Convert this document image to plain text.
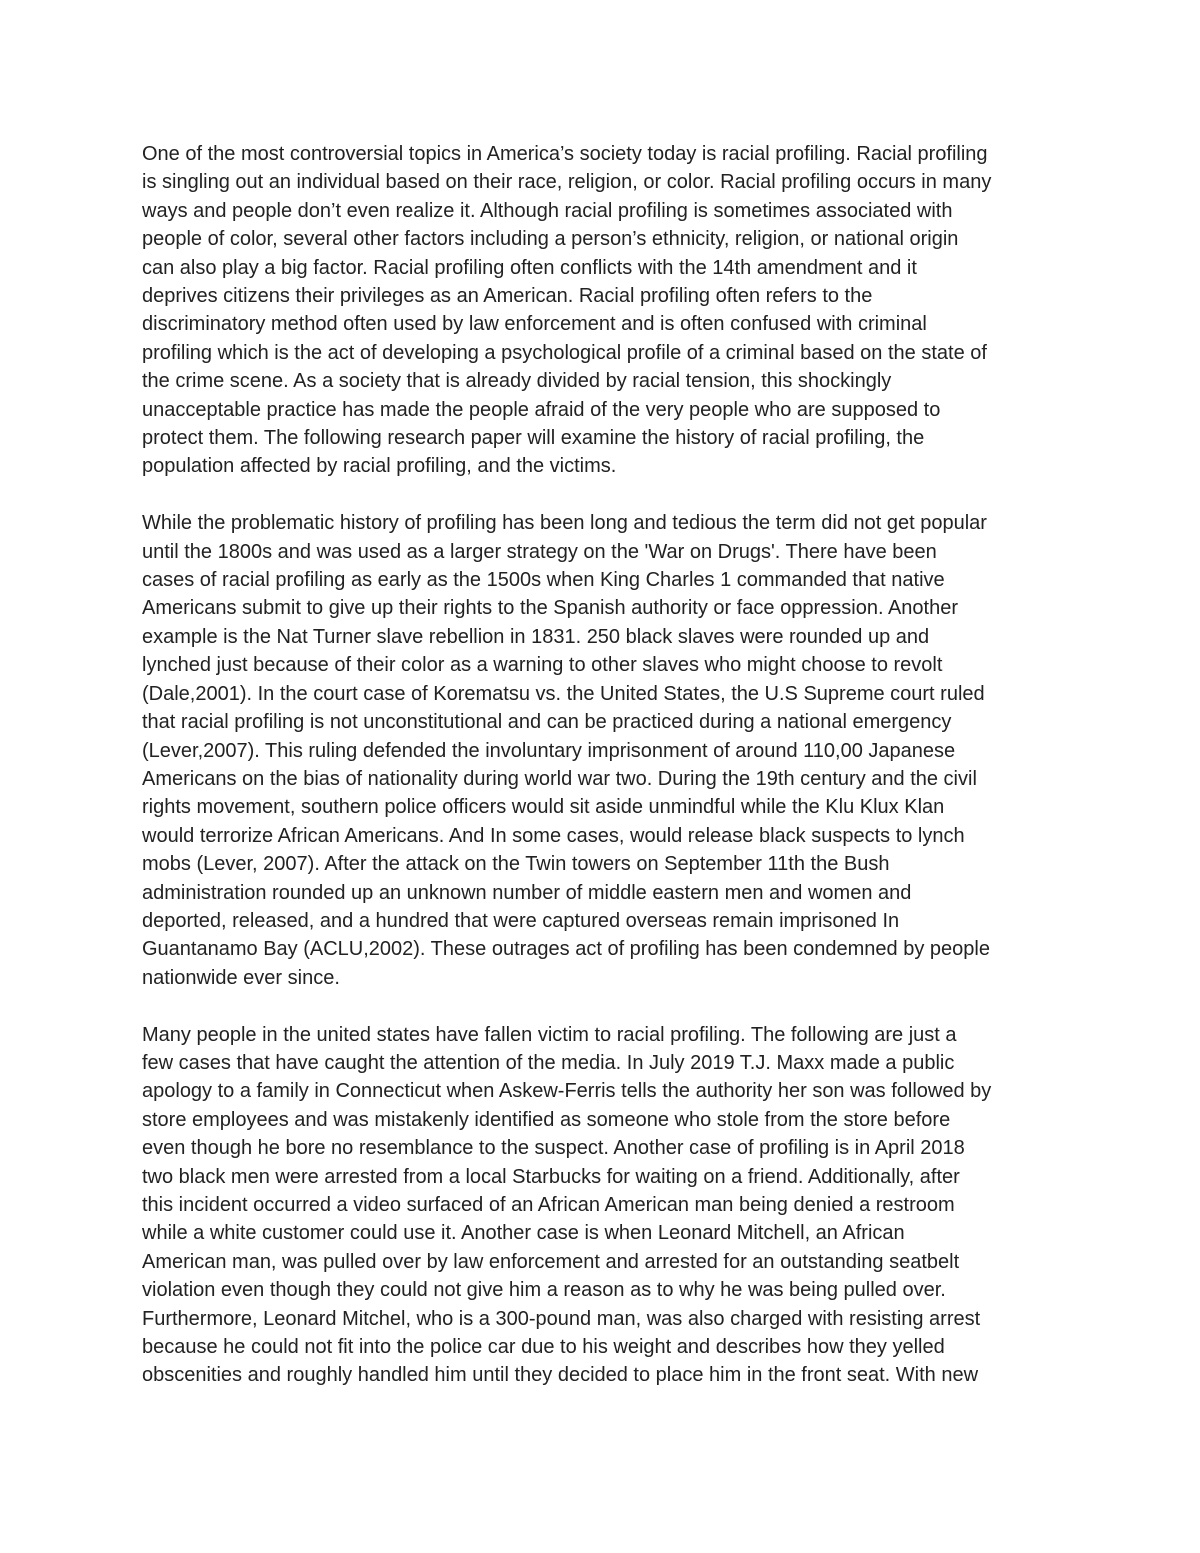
One of the most controversial topics in America’s society today is racial profiling. Racial profiling
is singling out an individual based on their race, religion, or color. Racial profiling occurs in many
ways and people don’t even realize it. Although racial profiling is sometimes associated with
people of color, several other factors including a person’s ethnicity, religion, or national origin
can also play a big factor. Racial profiling often conflicts with the 14th amendment and it
deprives citizens their privileges as an American. Racial profiling often refers to the
discriminatory method often used by law enforcement and is often confused with criminal
profiling which is the act of developing a psychological profile of a criminal based on the state of
the crime scene. As a society that is already divided by racial tension, this shockingly
unacceptable practice has made the people afraid of the very people who are supposed to
protect them. The following research paper will examine the history of racial profiling, the
population affected by racial profiling, and the victims.

While the problematic history of profiling has been long and tedious the term did not get popular
until the 1800s and was used as a larger strategy on the 'War on Drugs'. There have been
cases of racial profiling as early as the 1500s when King Charles 1 commanded that native
Americans submit to give up their rights to the Spanish authority or face oppression. Another
example is the Nat Turner slave rebellion in 1831. 250 black slaves were rounded up and
lynched just because of their color as a warning to other slaves who might choose to revolt
(Dale,2001). In the court case of Korematsu vs. the United States, the U.S Supreme court ruled
that racial profiling is not unconstitutional and can be practiced during a national emergency
(Lever,2007). This ruling defended the involuntary imprisonment of around 110,00 Japanese
Americans on the bias of nationality during world war two. During the 19th century and the civil
rights movement, southern police officers would sit aside unmindful while the Klu Klux Klan
would terrorize African Americans. And In some cases, would release black suspects to lynch
mobs (Lever, 2007). After the attack on the Twin towers on September 11th the Bush
administration rounded up an unknown number of middle eastern men and women and
deported, released, and a hundred that were captured overseas remain imprisoned In
Guantanamo Bay (ACLU,2002). These outrages act of profiling has been condemned by people
nationwide ever since.

Many people in the united states have fallen victim to racial profiling. The following are just a
few cases that have caught the attention of the media. In July 2019 T.J. Maxx made a public
apology to a family in Connecticut when Askew-Ferris tells the authority her son was followed by
store employees and was mistakenly identified as someone who stole from the store before
even though he bore no resemblance to the suspect. Another case of profiling is in April 2018
two black men were arrested from a local Starbucks for waiting on a friend. Additionally, after
this incident occurred a video surfaced of an African American man being denied a restroom
while a white customer could use it. Another case is when Leonard Mitchell, an African
American man, was pulled over by law enforcement and arrested for an outstanding seatbelt
violation even though they could not give him a reason as to why he was being pulled over.
Furthermore, Leonard Mitchel, who is a 300-pound man, was also charged with resisting arrest
because he could not fit into the police car due to his weight and describes how they yelled
obscenities and roughly handled him until they decided to place him in the front seat. With new
